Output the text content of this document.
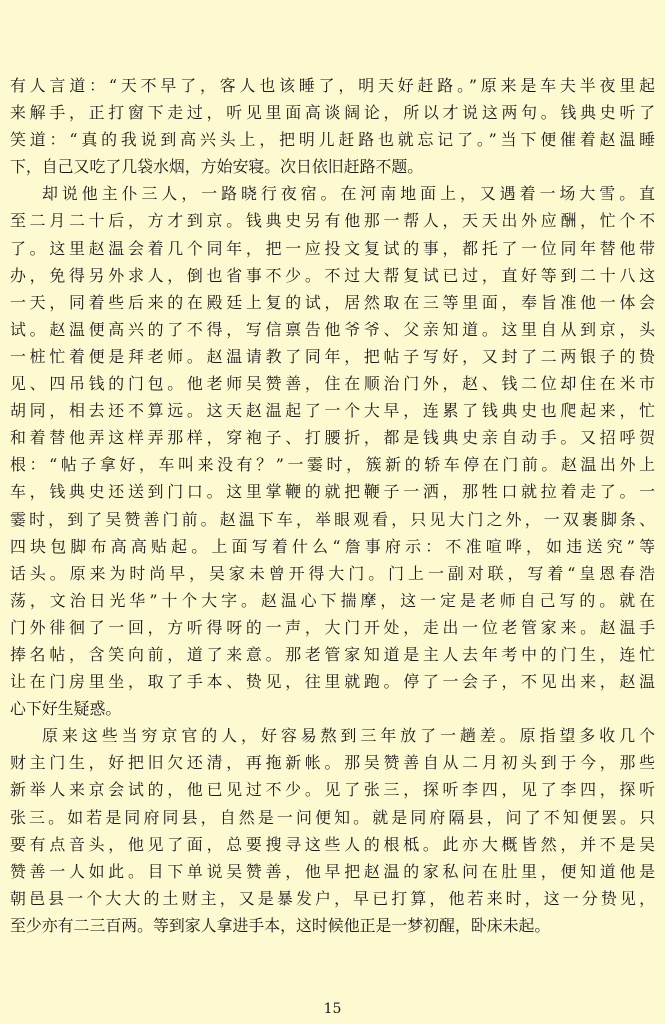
有人言道：“天不早了，客人也该睡了，明天好赶路。”原来是车夫半夜里起
来解手，正打窗下走过，听见里面高谈阔论，所以才说这两句。钱典史听了
笑道：“真的我说到高兴头上，把明儿赶路也就忘记了。”当下便催着赵温睡
下，自己又吃了几袋水烟，方始安寝。次日依旧赶路不题。
却说他主仆三人，一路晓行夜宿。在河南地面上，又遇着一场大雪。直
至二月二十后，方才到京。钱典史另有他那一帮人，天天出外应酬，忙个不
了。这里赵温会着几个同年，把一应投文复试的事，都托了一位同年替他带
办，免得另外求人，倒也省事不少。不过大帮复试已过，直好等到二十八这
一天，同着些后来的在殿廷上复的试，居然取在三等里面，奉旨准他一体会
试。赵温便高兴的了不得，写信禀告他爷爷、父亲知道。这里自从到京，头
一桩忙着便是拜老师。赵温请教了同年，把帖子写好，又封了二两银子的贽
见、四吊钱的门包。他老师吴赞善，住在顺治门外，赵、钱二位却住在米市
胡同，相去还不算远。这天赵温起了一个大早，连累了钱典史也爬起来，忙
和着替他弄这样弄那样，穿袍子、打腰折，都是钱典史亲自动手。又招呼贺
根：“帖子拿好，车叫来没有？”一霎时，簇新的轿车停在门前。赵温出外上
车，钱典史还送到门口。这里掌鞭的就把鞭子一洒，那牲口就拉着走了。一
霎时，到了吴赞善门前。赵温下车，举眼观看，只见大门之外，一双裹脚条、
四块包脚布高高贴起。上面写着什么“詹事府示：不准喧哗，如违送究”等
话头。原来为时尚早，吴家未曾开得大门。门上一副对联，写着“皇恩春浩
荡，文治日光华”十个大字。赵温心下揣摩，这一定是老师自己写的。就在
门外徘徊了一回，方听得呀的一声，大门开处，走出一位老管家来。赵温手
捧名帖，含笑向前，道了来意。那老管家知道是主人去年考中的门生，连忙
让在门房里坐，取了手本、贽见，往里就跑。停了一会子，不见出来，赵温
心下好生疑惑。
原来这些当穷京官的人，好容易熬到三年放了一趟差。原指望多收几个
财主门生，好把旧欠还清，再拖新帐。那吴赞善自从二月初头到于今，那些
新举人来京会试的，他已见过不少。见了张三，探听李四，见了李四，探听
张三。如若是同府同县，自然是一问便知。就是同府隔县，问了不知便罢。只
要有点音头，他见了面，总要搜寻这些人的根柢。此亦大概皆然，并不是吴
赞善一人如此。目下单说吴赞善，他早把赵温的家私问在肚里，便知道他是
朝邑县一个大大的土财主，又是暴发户，早已打算，他若来时，这一分贽见，
至少亦有二三百两。等到家人拿进手本，这时候他正是一梦初醒，卧床未起。
15
